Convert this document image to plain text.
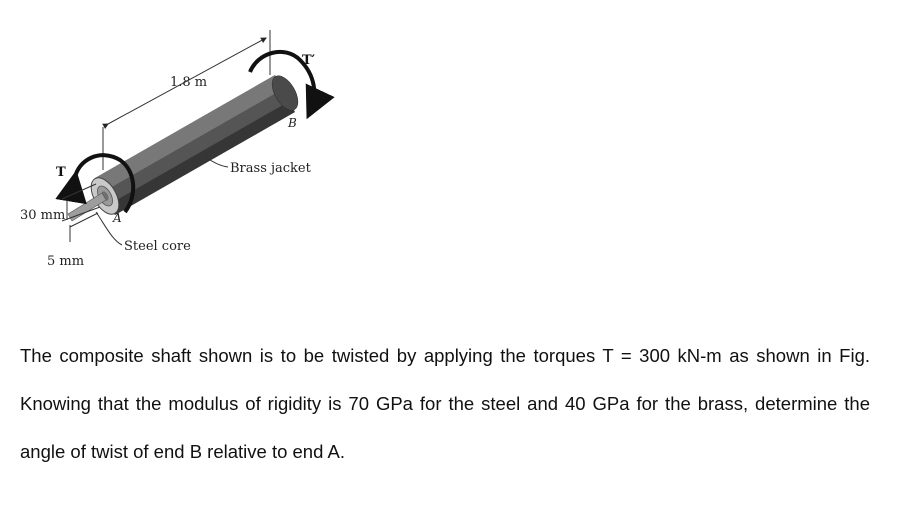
1.8 m
T
T′
A
B
Brass jacket
Steel core
30 mm
5 mm

The composite shaft shown is to be twisted by applying the torques T = 300 kN-m as shown in Fig. Knowing that the modulus of rigidity is 70 GPa for the steel and 40 GPa for the brass, determine the angle of twist of end B relative to end A.
